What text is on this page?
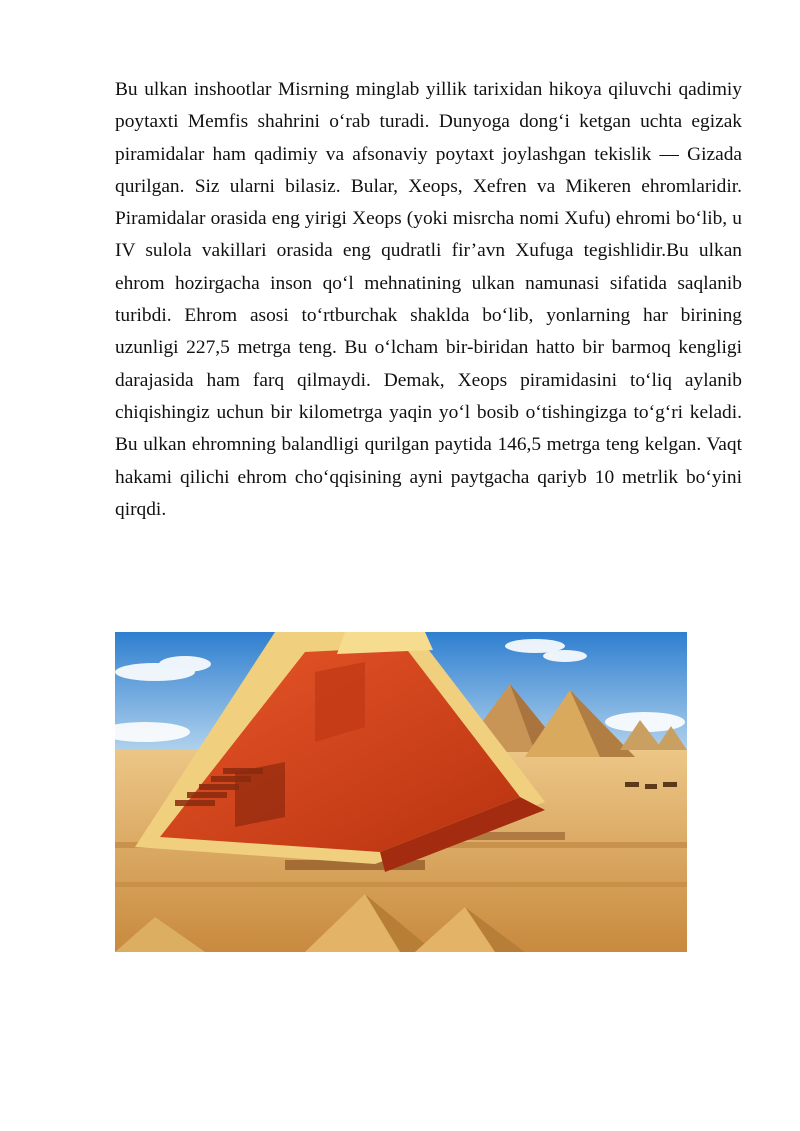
Bu ulkan inshootlar Misrning minglab yillik tarixidan hikoya qiluvchi qadimiy poytaxti Memfis shahrini o‘rab turadi. Dunyoga dong‘i ketgan uchta egizak piramidalar ham qadimiy va afsonaviy poytaxt joylashgan tekislik — Gizada qurilgan. Siz ularni bilasiz. Bular, Xeops, Xefren va Mikeren ehromlaridir. Piramidalar orasida eng yirigi Xeops (yoki misrcha nomi Xufu) ehromi bo‘lib, u IV sulola vakillari orasida eng qudratli fir’avn Xufuga tegishlidir.Bu ulkan ehrom hozirgacha inson qo‘l mehnatining ulkan namunasi sifatida saqlanib turibdi. Ehrom asosi to‘rtburchak shaklda bo‘lib, yonlarning har birining uzunligi 227,5 metrga teng. Bu o‘lcham bir-biridan hatto bir barmoq kengligi darajasida ham farq qilmaydi. Demak, Xeops piramidasini to‘liq aylanib chiqishingiz uchun bir kilometrga yaqin yo‘l bosib o‘tishingizga to‘g‘ri keladi. Bu ulkan ehromning balandligi qurilgan paytida 146,5 metrga teng kelgan. Vaqt hakami qilichi ehrom cho‘qqisining ayni paytgacha qariyb 10 metrlik bo‘yini qirqdi.
